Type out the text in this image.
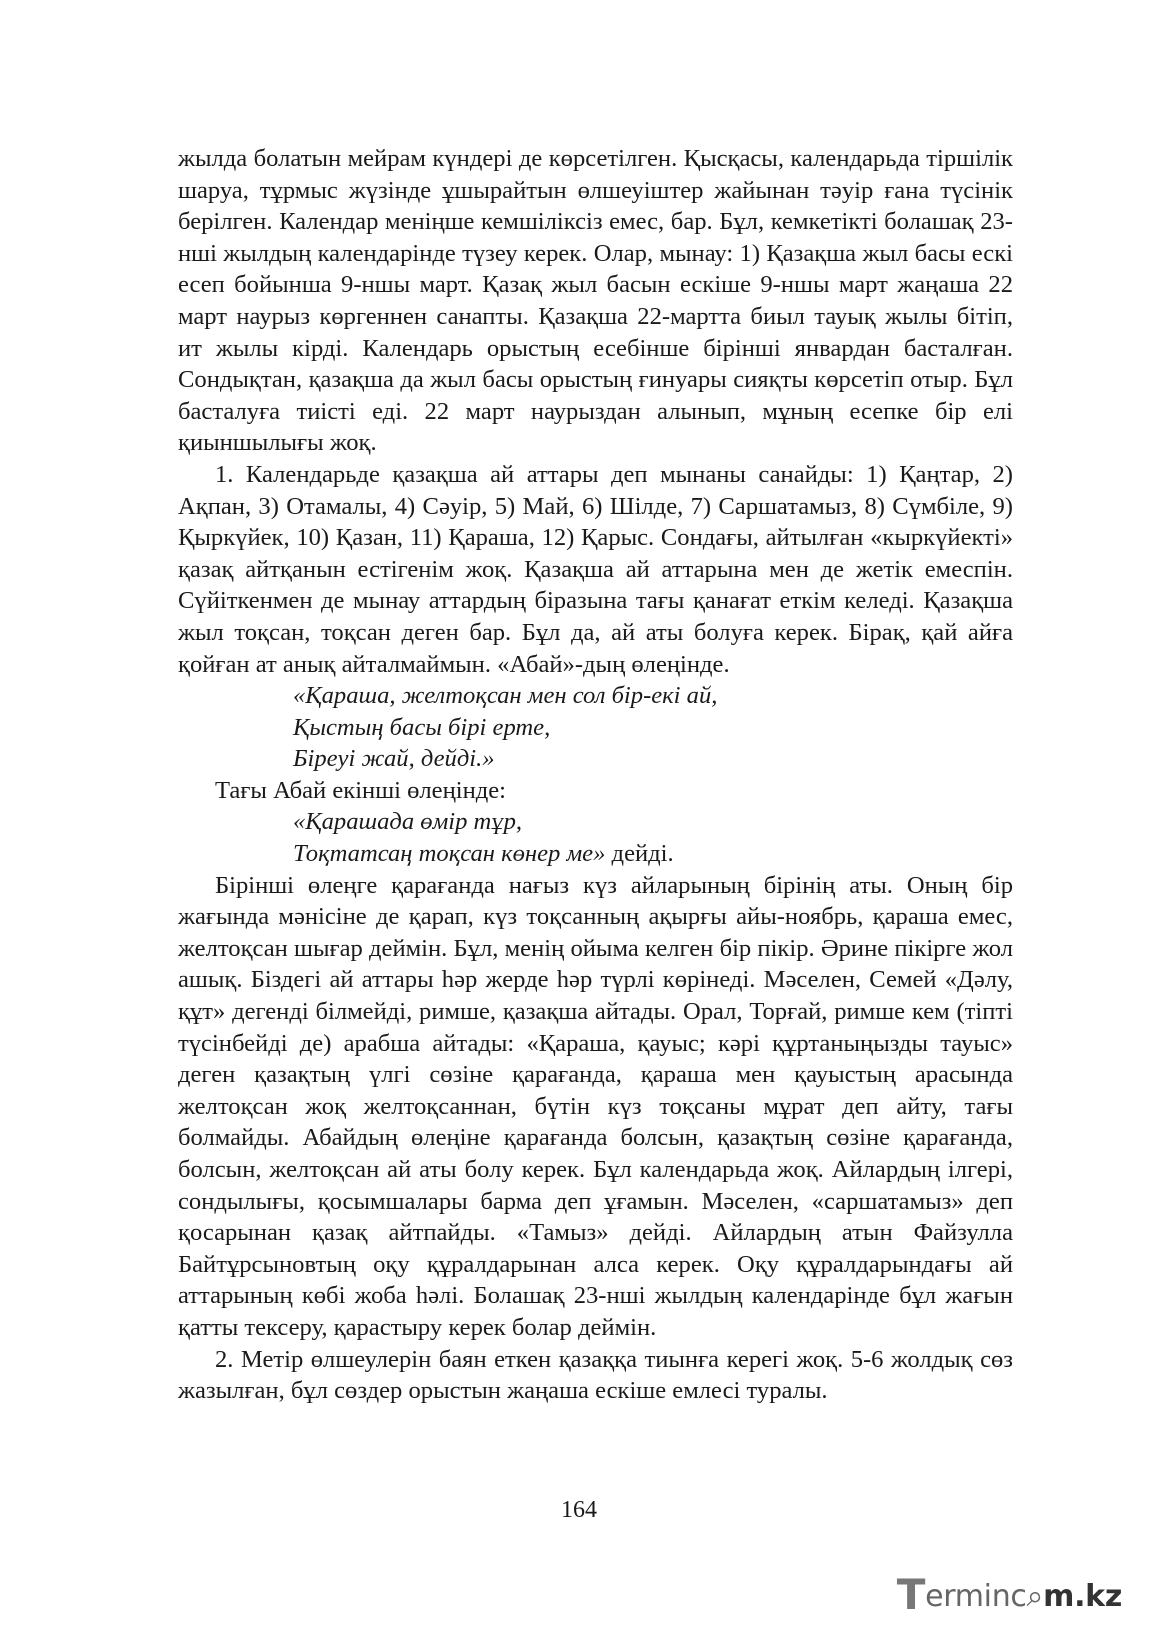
жылда болатын мейрам күндері де көрсетілген. Қысқасы, календарьда тіршілік шаруа, тұрмыс жүзінде ұшырайтын өлшеуіштер жайынан тәуір ғана түсінік берілген. Календар меніңше кемшіліксіз емес, бар. Бұл, кемкетікті болашақ 23-нші жылдың календарінде түзеу керек. Олар, мынау: 1) Қазақша жыл басы ескі есеп бойынша 9-ншы март. Қазақ жыл басын ескіше 9-ншы март жаңаша 22 март наурыз көргеннен санапты. Қазақша 22-мартта биыл тауық жылы бітіп, ит жылы кірді. Календарь орыстың есебінше бірінші январдан басталған. Сондықтан, қазақша да жыл басы орыстың ғинуары сияқты көрсетіп отыр. Бұл басталуға тиісті еді. 22 март наурыздан алынып, мұның есепке бір елі қиыншылығы жоқ.

1. Календарьде қазақша ай аттары деп мынаны санайды: 1) Қаңтар, 2) Ақпан, 3) Отамалы, 4) Сәуір, 5) Май, 6) Шілде, 7) Саршатамыз, 8) Сүмбіле, 9) Қыркүйек, 10) Қазан, 11) Қараша, 12) Қарыс. Сондағы, айтылған «кыркүйекті» қазақ айтқанын естігенім жоқ. Қазақша ай аттарына мен де жетік емеспін. Сүйіткенмен де мынау аттардың біразына тағы қанағат еткім келеді. Қазақша жыл тоқсан, тоқсан деген бар. Бұл да, ай аты болуға керек. Бірақ, қай айға қойған ат анық айталмаймын. «Абай»-дың өлеңінде.

«Қараша, желтоқсан мен сол бір-екі ай,
Қыстың басы бірі ерте,
Біреуі жай, дейді.»

Тағы Абай екінші өлеңінде:

«Қарашада өмір тұр,
Тоқтатсаң тоқсан көнер ме» дейді.

Бірінші өлеңге қарағанда нағыз күз айларының бірінің аты. Оның бір жағында мәнісіне де қарап, күз тоқсанның ақырғы айы-ноябрь, қараша емес, желтоқсан шығар деймін. Бұл, менің ойыма келген бір пікір. Әрине пікірге жол ашық. Біздегі ай аттары һәр жерде һәр түрлі көрінеді. Мәселен, Семей «Дәлу, құт» дегенді білмейді, римше, қазақша айтады. Орал, Торғай, римше кем (тіпті түсінбейді де) арабша айтады: «Қараша, қауыс; кәрі құртаныңызды тауыс» деген қазақтың үлгі сөзіне қарағанда, қараша мен қауыстың арасында желтоқсан жоқ желтоқсаннан, бүтін күз тоқсаны мұрат деп айту, тағы болмайды. Абайдың өлеңіне қарағанда болсын, қазақтың сөзіне қарағанда, болсын, желтоқсан ай аты болу керек. Бұл календарьда жоқ. Айлардың ілгері, сондылығы, қосымшалары барма деп ұғамын. Мәселен, «саршатамыз» деп қосарынан қазақ айтпайды. «Тамыз» дейді. Айлардың атын Файзулла Байтұрсыновтың оқу құралдарынан алса керек. Оқу құралдарындағы ай аттарының көбі жоба һәлі. Болашақ 23-нші жылдың календарінде бұл жағын қатты тексеру, қарастыру керек болар деймін.

2. Метір өлшеулерін баян еткен қазаққа тиынға керегі жоқ. 5-6 жолдық сөз жазылған, бұл сөздер орыстын жаңаша ескіше емлесі туралы.

164
Terminc⌕m.kz
